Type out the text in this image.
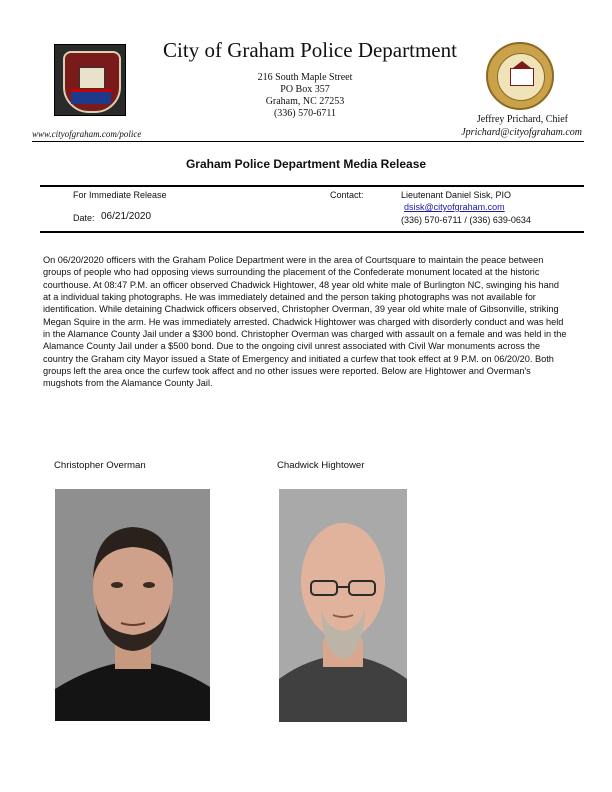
City of Graham Police Department
216 South Maple Street
PO Box 357
Graham, NC 27253
(336) 570-6711
www.cityofgraham.com/police
Jeffrey Prichard, Chief
Jprichard@cityofgraham.com
Graham Police Department Media Release
For Immediate Release
Date: 06/21/2020
Contact:	Lieutenant Daniel Sisk, PIO
dsisk@cityofgraham.com
(336) 570-6711 / (336) 639-0634
On 06/20/2020 officers with the Graham Police Department were in the area of Courtsquare to maintain the peace between groups of people who had opposing views surrounding the placement of the Confederate monument located at the historic courthouse. At 08:47 P.M. an officer observed Chadwick Hightower, 48 year old white male of Burlington NC, swinging his hand at a individual taking photographs. He was immediately detained and the person taking photographs was not available for identification. While detaining Chadwick officers observed, Christopher Overman, 39 year old white male of Gibsonville, striking Megan Squire in the arm. He was immediately arrested. Chadwick Hightower was charged with disorderly conduct and was held in the Alamance County Jail under a $300 bond. Christopher Overman was charged with assault on a female and was held in the Alamance County Jail under a $500 bond. Due to the ongoing civil unrest associated with Civil War monuments across the country the Graham city Mayor issued a State of Emergency and initiated a curfew that took effect at 9 P.M. on 06/20/20. Both groups left the area once the curfew took affect and no other issues were reported. Below are Hightower and Overman's mugshots from the Alamance County Jail.
Christopher Overman	Chadwick Hightower
